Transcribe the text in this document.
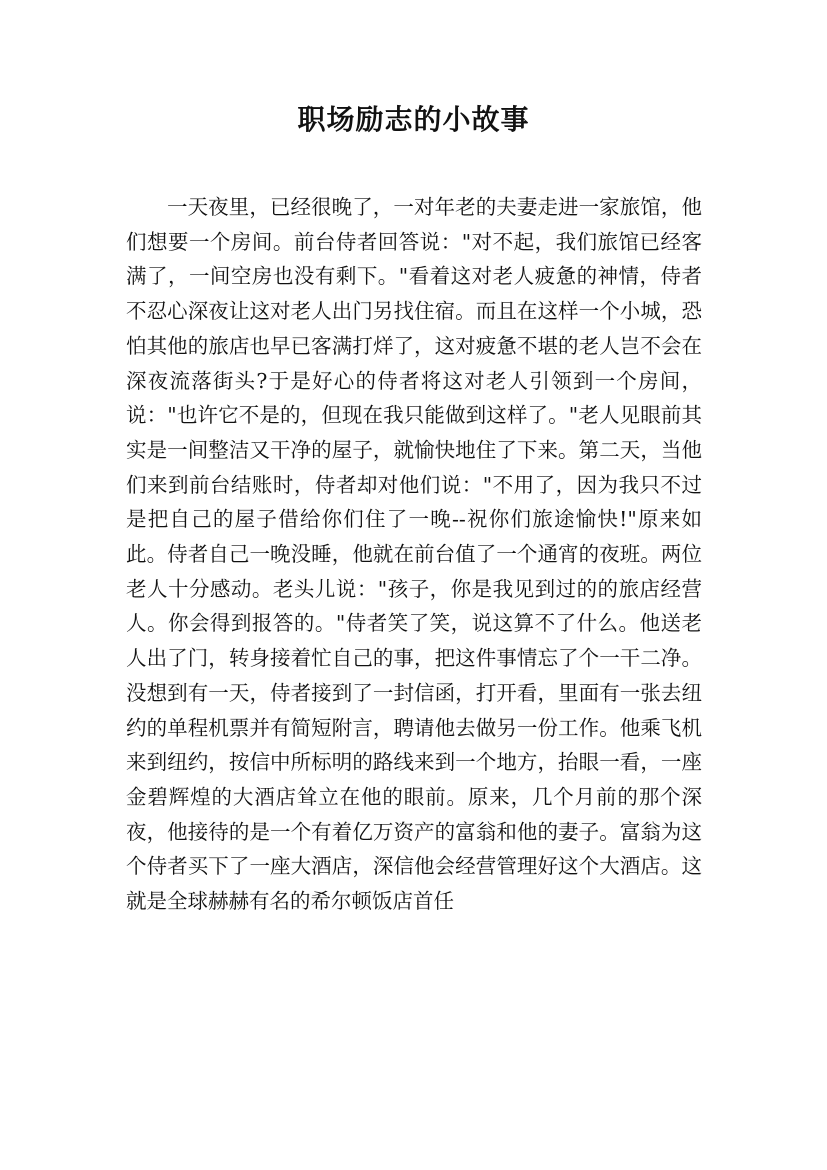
职场励志的小故事

一天夜里，已经很晚了，一对年老的夫妻走进一家旅馆，他们想要一个房间。前台侍者回答说："对不起，我们旅馆已经客满了，一间空房也没有剩下。"看着这对老人疲惫的神情，侍者不忍心深夜让这对老人出门另找住宿。而且在这样一个小城，恐怕其他的旅店也早已客满打烊了，这对疲惫不堪的老人岂不会在深夜流落街头?于是好心的侍者将这对老人引领到一个房间，说："也许它不是的，但现在我只能做到这样了。"老人见眼前其实是一间整洁又干净的屋子，就愉快地住了下来。第二天，当他们来到前台结账时，侍者却对他们说："不用了，因为我只不过是把自己的屋子借给你们住了一晚--祝你们旅途愉快!"原来如此。侍者自己一晚没睡，他就在前台值了一个通宵的夜班。两位老人十分感动。老头儿说："孩子，你是我见到过的的旅店经营人。你会得到报答的。"侍者笑了笑，说这算不了什么。他送老人出了门，转身接着忙自己的事，把这件事情忘了个一干二净。没想到有一天，侍者接到了一封信函，打开看，里面有一张去纽约的单程机票并有简短附言，聘请他去做另一份工作。他乘飞机来到纽约，按信中所标明的路线来到一个地方，抬眼一看，一座金碧辉煌的大酒店耸立在他的眼前。原来，几个月前的那个深夜，他接待的是一个有着亿万资产的富翁和他的妻子。富翁为这个侍者买下了一座大酒店，深信他会经营管理好这个大酒店。这就是全球赫赫有名的希尔顿饭店首任
